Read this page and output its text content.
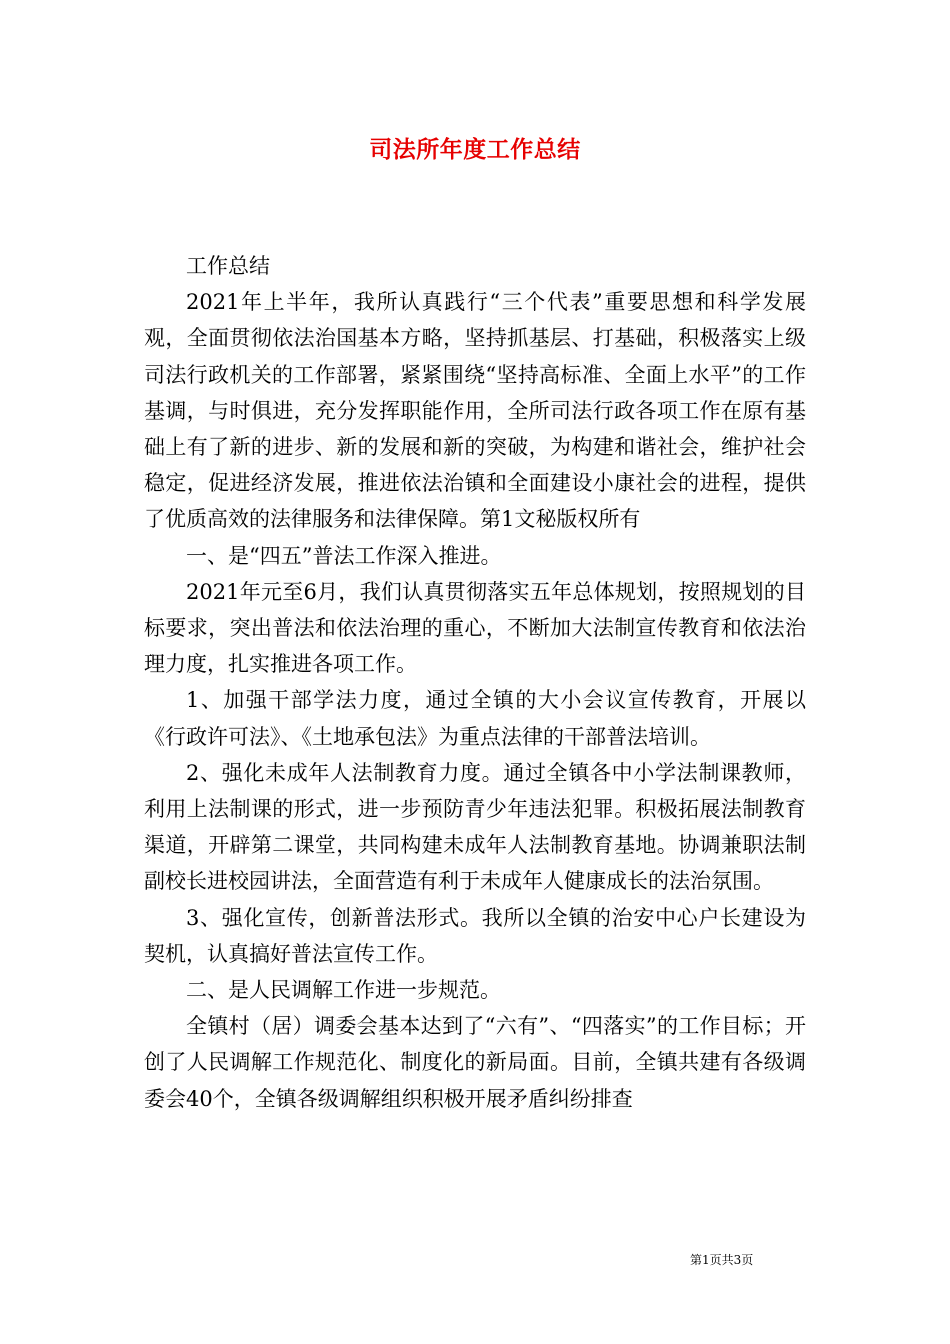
司法所年度工作总结

工作总结

2021年上半年，我所认真践行“三个代表”重要思想和科学发展观，全面贯彻依法治国基本方略，坚持抓基层、打基础，积极落实上级司法行政机关的工作部署，紧紧围绕“坚持高标准、全面上水平”的工作基调，与时俱进，充分发挥职能作用，全所司法行政各项工作在原有基础上有了新的进步、新的发展和新的突破，为构建和谐社会，维护社会稳定，促进经济发展，推进依法治镇和全面建设小康社会的进程，提供了优质高效的法律服务和法律保障。第1文秘版权所有

一、是“四五”普法工作深入推进。

2021年元至6月，我们认真贯彻落实五年总体规划，按照规划的目标要求，突出普法和依法治理的重心，不断加大法制宣传教育和依法治理力度，扎实推进各项工作。

1、加强干部学法力度，通过全镇的大小会议宣传教育，开展以《行政许可法》、《土地承包法》为重点法律的干部普法培训。

2、强化未成年人法制教育力度。通过全镇各中小学法制课教师，利用上法制课的形式，进一步预防青少年违法犯罪。积极拓展法制教育渠道，开辟第二课堂，共同构建未成年人法制教育基地。协调兼职法制副校长进校园讲法，全面营造有利于未成年人健康成长的法治氛围。

3、强化宣传，创新普法形式。我所以全镇的治安中心户长建设为契机，认真搞好普法宣传工作。

二、是人民调解工作进一步规范。

全镇村（居）调委会基本达到了“六有”、“四落实”的工作目标；开创了人民调解工作规范化、制度化的新局面。目前，全镇共建有各级调委会40个，全镇各级调解组织积极开展矛盾纠纷排查

第1页共3页
